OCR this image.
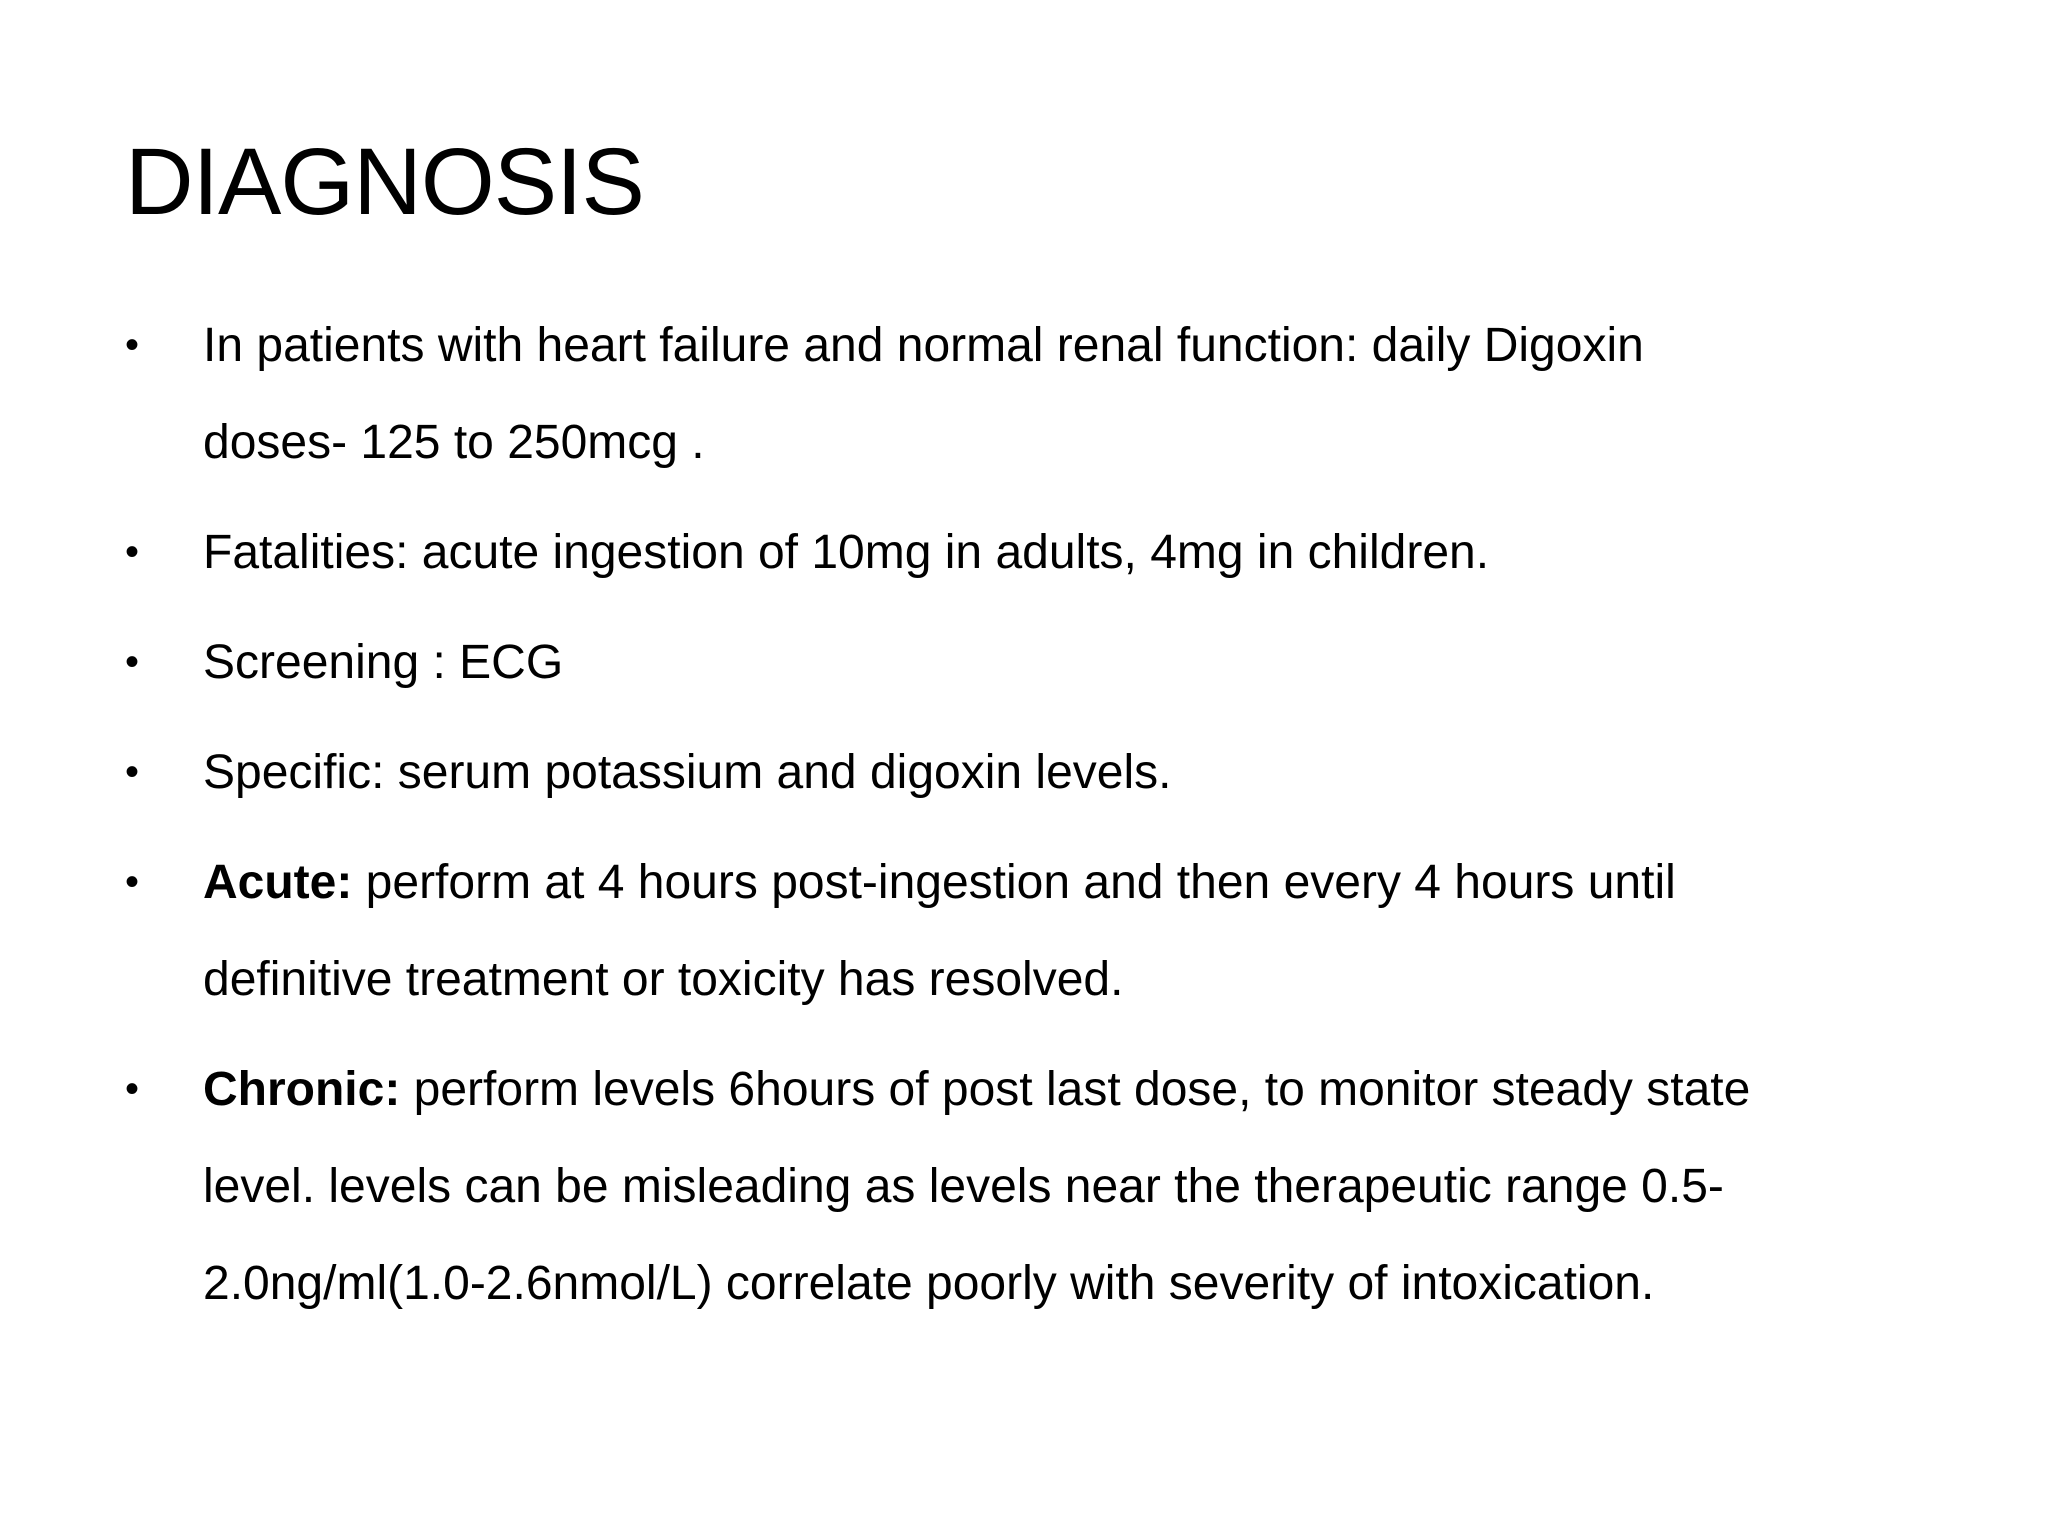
DIAGNOSIS
•	In patients with heart failure and normal renal function: daily Digoxin
doses- 125 to 250mcg .
•	Fatalities: acute ingestion of 10mg in adults, 4mg in children.
•	Screening : ECG
•	Specific: serum potassium and digoxin levels.
•	Acute: perform at 4 hours post-ingestion and then every 4 hours until
definitive treatment or toxicity has resolved.
•	Chronic: perform levels 6hours of post last dose, to monitor steady state
level. levels can be misleading as levels near the therapeutic range 0.5-
2.0ng/ml(1.0-2.6nmol/L) correlate poorly with severity of intoxication.
